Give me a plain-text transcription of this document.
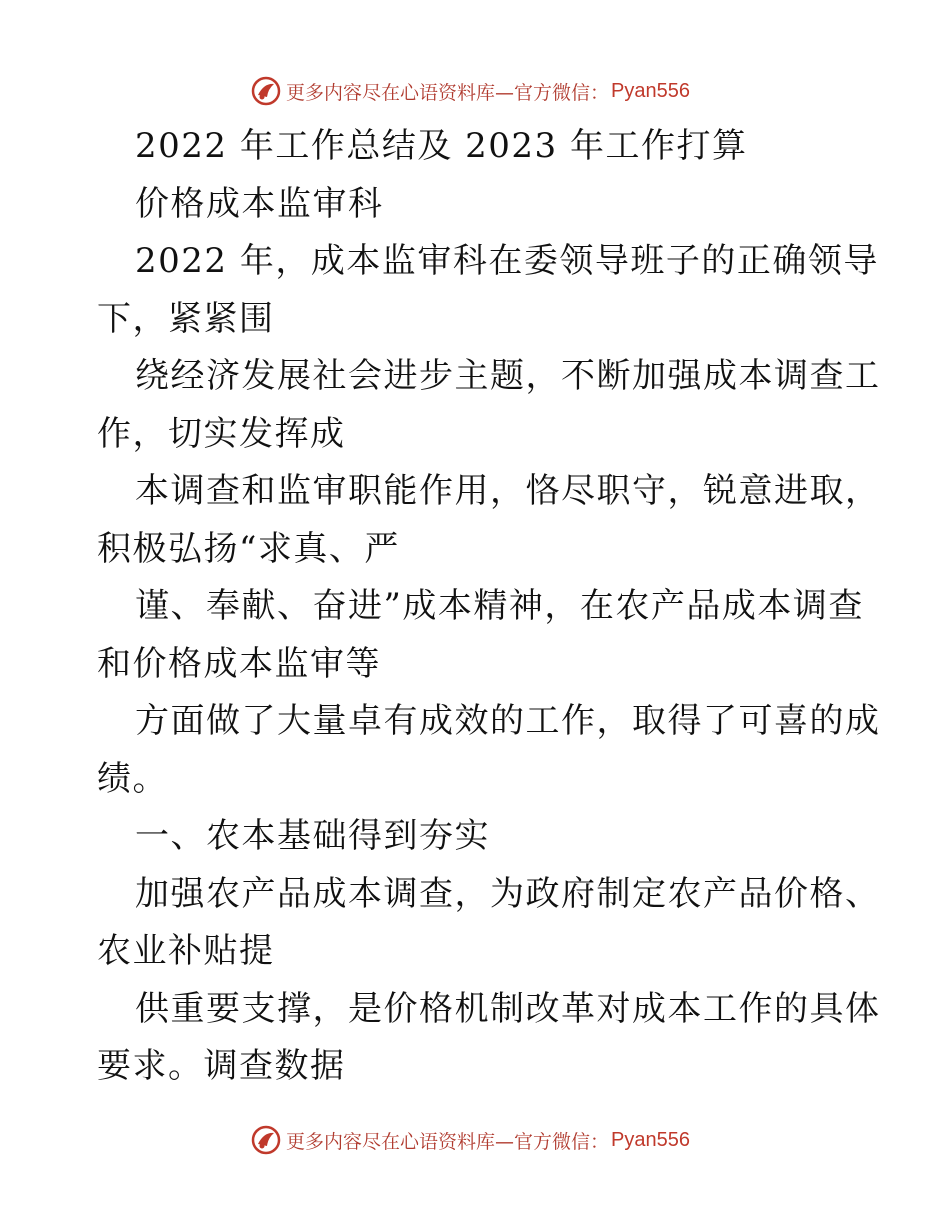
更多内容尽在心语资料库—官方微信： Pyan556
2022 年工作总结及 2023 年工作打算
价格成本监审科
2022 年，成本监审科在委领导班子的正确领导
下，紧紧围
绕经济发展社会进步主题，不断加强成本调查工
作，切实发挥成
本调查和监审职能作用，恪尽职守，锐意进取，
积极弘扬“求真、严
谨、奉献、奋进”成本精神，在农产品成本调查
和价格成本监审等
方面做了大量卓有成效的工作，取得了可喜的成
绩。
一、农本基础得到夯实
加强农产品成本调查，为政府制定农产品价格、
农业补贴提
供重要支撑，是价格机制改革对成本工作的具体
要求。调查数据
更多内容尽在心语资料库—官方微信： Pyan556
